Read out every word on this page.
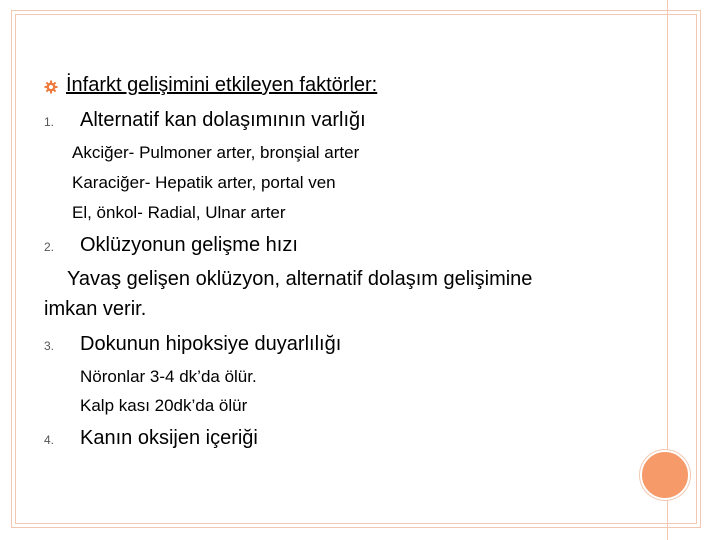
İnfarkt gelişimini etkileyen faktörler:
1. Alternatif kan dolaşımının varlığı
Akciğer- Pulmoner arter, bronşial arter
Karaciğer- Hepatik arter, portal ven
El, önkol- Radial, Ulnar arter
2. Oklüzyonun gelişme hızı
Yavaş gelişen oklüzyon, alternatif dolaşım gelişimine
imkan verir.
3. Dokunun hipoksiye duyarlılığı
Nöronlar 3-4 dk’da ölür.
Kalp kası 20dk’da ölür
4. Kanın oksijen içeriği
